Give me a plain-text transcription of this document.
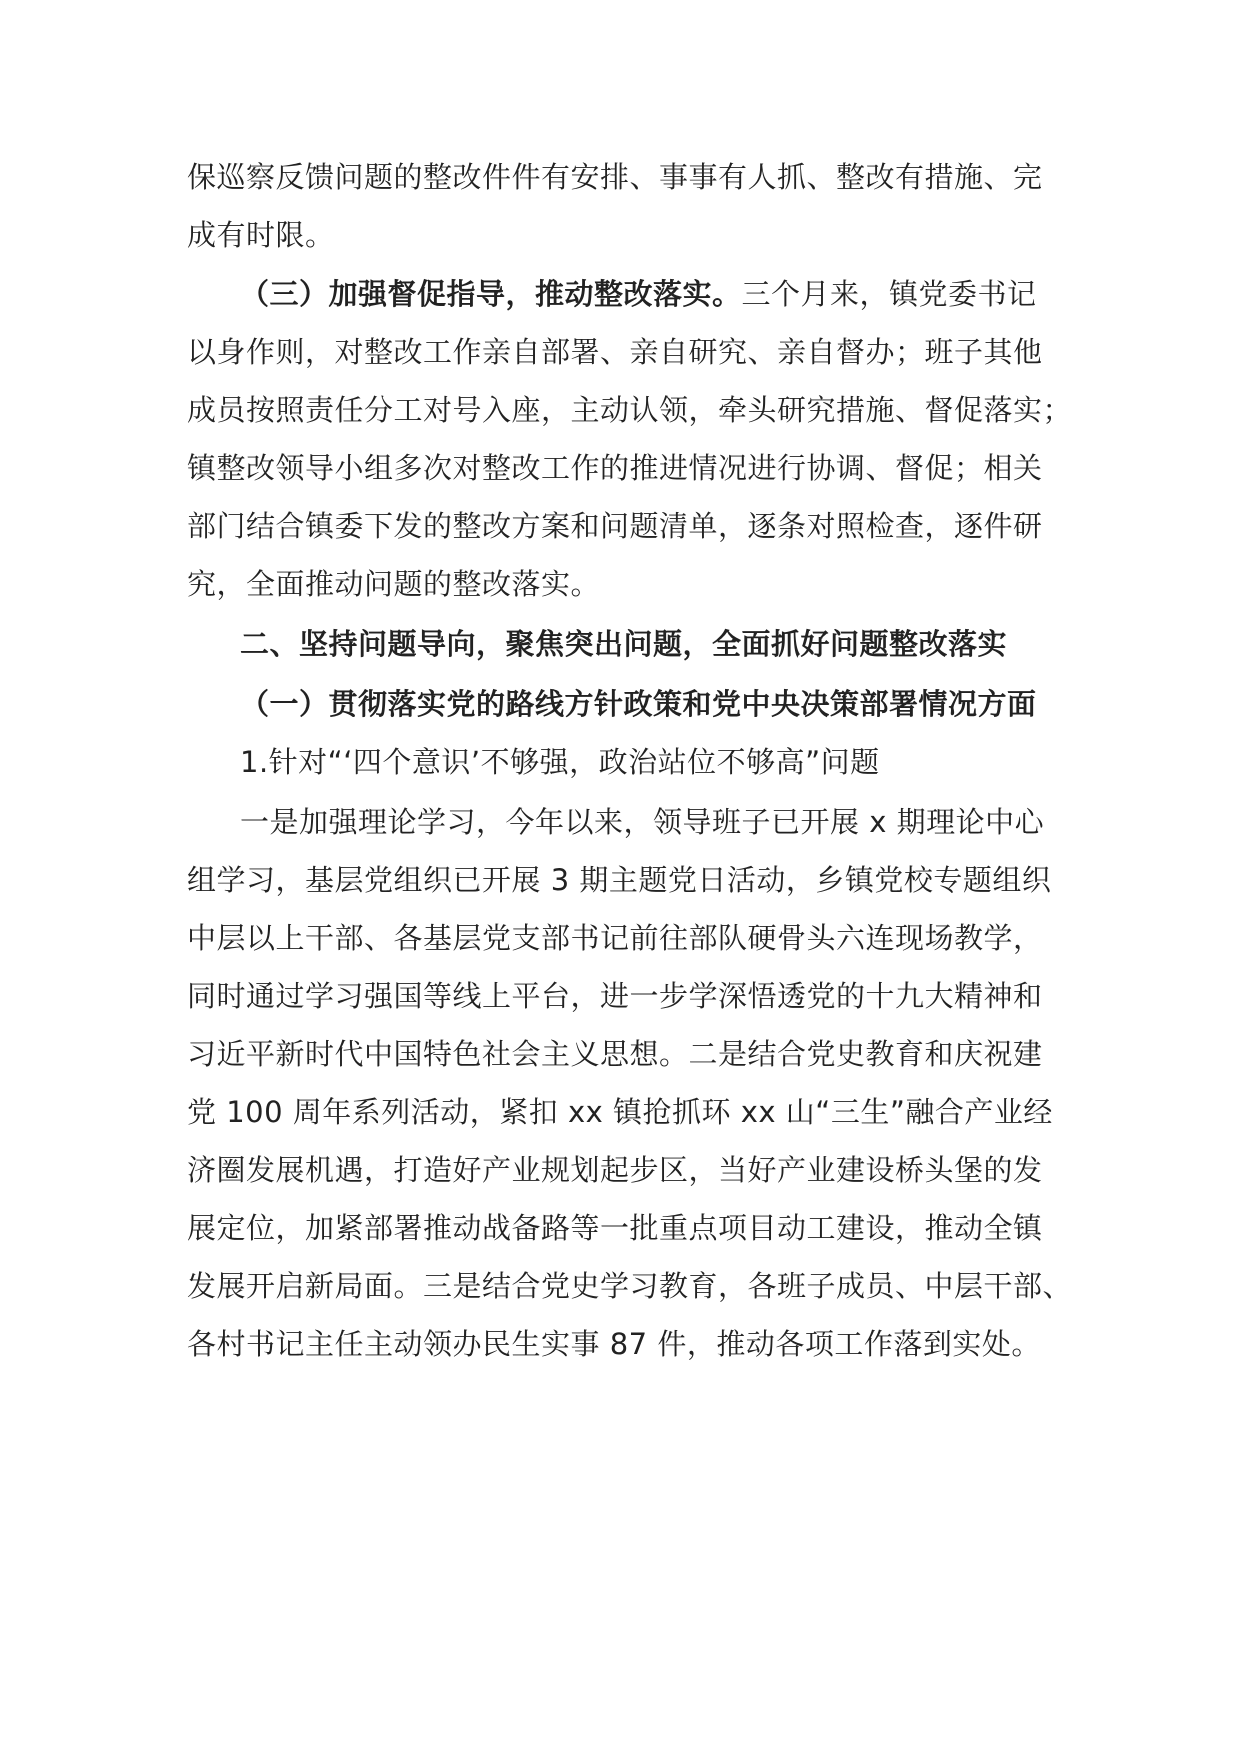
保巡察反馈问题的整改件件有安排、事事有人抓、整改有措施、完
成有时限。
（三）加强督促指导，推动整改落实。三个月来，镇党委书记
以身作则，对整改工作亲自部署、亲自研究、亲自督办；班子其他
成员按照责任分工对号入座，主动认领，牵头研究措施、督促落实；
镇整改领导小组多次对整改工作的推进情况进行协调、督促；相关
部门结合镇委下发的整改方案和问题清单，逐条对照检查，逐件研
究，全面推动问题的整改落实。
二、坚持问题导向，聚焦突出问题，全面抓好问题整改落实
（一）贯彻落实党的路线方针政策和党中央决策部署情况方面
1.针对“‘四个意识’不够强，政治站位不够高”问题
一是加强理论学习，今年以来，领导班子已开展 x 期理论中心
组学习，基层党组织已开展 3 期主题党日活动，乡镇党校专题组织
中层以上干部、各基层党支部书记前往部队硬骨头六连现场教学，
同时通过学习强国等线上平台，进一步学深悟透党的十九大精神和
习近平新时代中国特色社会主义思想。二是结合党史教育和庆祝建
党 100 周年系列活动，紧扣 xx 镇抢抓环 xx 山“三生”融合产业经
济圈发展机遇，打造好产业规划起步区，当好产业建设桥头堡的发
展定位，加紧部署推动战备路等一批重点项目动工建设，推动全镇
发展开启新局面。三是结合党史学习教育，各班子成员、中层干部、
各村书记主任主动领办民生实事 87 件，推动各项工作落到实处。
